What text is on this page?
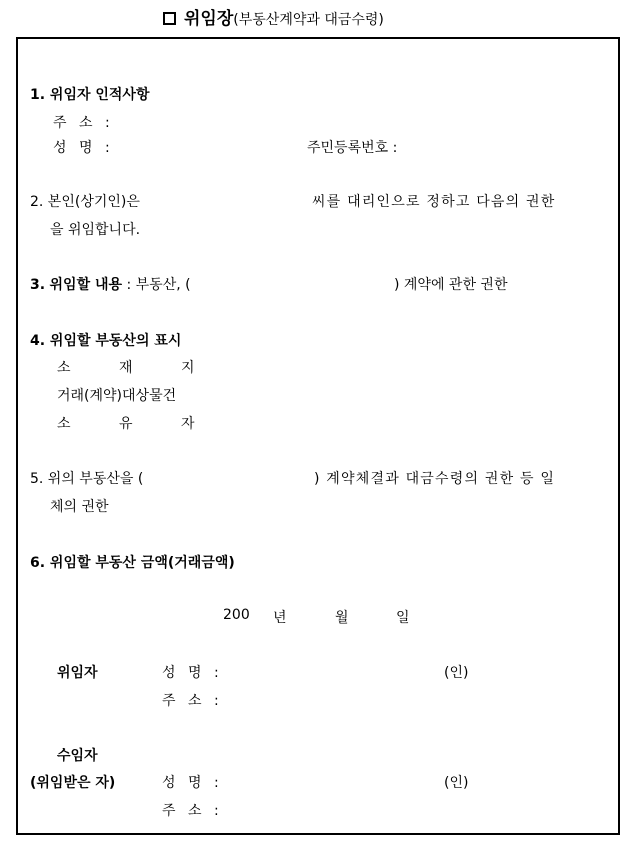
위임장(부동산계약과 대금수령)
1. 위임자 인적사항
주 소 :
성 명 :	주민등록번호 :
2. 본인(상기인)은	씨를 대리인으로 정하고 다음의 권한
을 위임합니다.
3. 위임할 내용 : 부동산, (	) 계약에 관한 권한
4. 위임할 부동산의 표시
소 재 지
거래(계약)대상물건
소 유 자
5. 위의 부동산을 (	) 계약체결과 대금수령의 권한 등 일
체의 권한
6. 위임할 부동산 금액(거래금액)
200 년	월	일
위임자	성 명 :	(인)
주 소 :
수임자
(위임받은 자)	성 명 :	(인)
주 소 :
